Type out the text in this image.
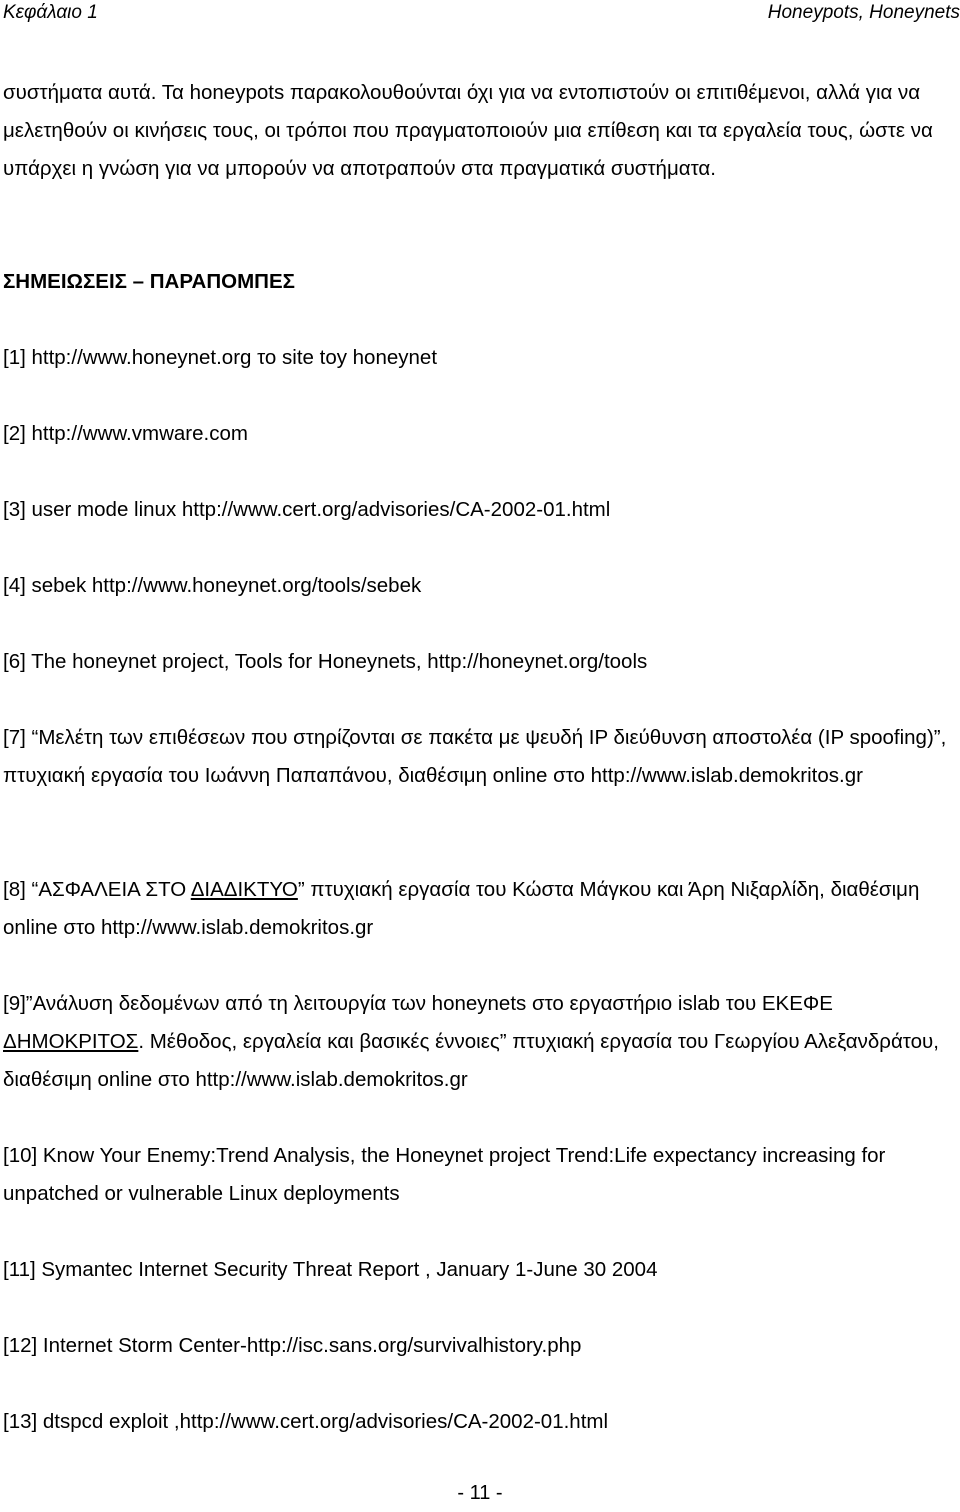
Κεφάλαιο 1	Honeypots, Honeynets

συστήματα αυτά. Τα honeypots παρακολουθούνται όχι για να εντοπιστούν οι επιτιθέμενοι, αλλά για να μελετηθούν οι κινήσεις τους, οι τρόποι που πραγματοποιούν μια επίθεση και τα εργαλεία τους, ώστε να υπάρχει η γνώση για να μπορούν να αποτραπούν στα πραγματικά συστήματα.

ΣΗΜΕΙΩΣΕΙΣ – ΠΑΡΑΠΟΜΠΕΣ

[1] http://www.honeynet.org το site toy honeynet

[2] http://www.vmware.com

[3] user mode linux http://www.cert.org/advisories/CA-2002-01.html

[4] sebek http://www.honeynet.org/tools/sebek

[6] The honeynet project, Tools for Honeynets, http://honeynet.org/tools

[7] “Μελέτη των επιθέσεων που στηρίζονται σε πακέτα με ψευδή IP διεύθυνση αποστολέα (IP spoofing)”, πτυχιακή εργασία του Ιωάννη Παπαπάνου, διαθέσιμη online στο http://www.islab.demokritos.gr

[8] “ΑΣΦΑΛΕΙΑ ΣΤΟ ΔΙΑΔΙΚΤΥΟ” πτυχιακή εργασία του Κώστα Μάγκου και Άρη Νιξαρλίδη, διαθέσιμη online στο http://www.islab.demokritos.gr

[9]”Ανάλυση δεδομένων από τη λειτουργία των honeynets στο εργαστήριο islab του ΕΚΕΦΕ ΔΗΜΟΚΡΙΤΟΣ. Μέθοδος, εργαλεία και βασικές έννοιες” πτυχιακή εργασία του Γεωργίου Αλεξανδράτου, διαθέσιμη online στο http://www.islab.demokritos.gr

[10] Know Your Enemy:Trend Analysis, the Honeynet project Trend:Life expectancy increasing for unpatched or vulnerable Linux deployments

[11] Symantec Internet Security Threat Report , January 1-June 30 2004

[12] Internet Storm Center-http://isc.sans.org/survivalhistory.php

[13] dtspcd exploit ,http://www.cert.org/advisories/CA-2002-01.html

- 11 -
